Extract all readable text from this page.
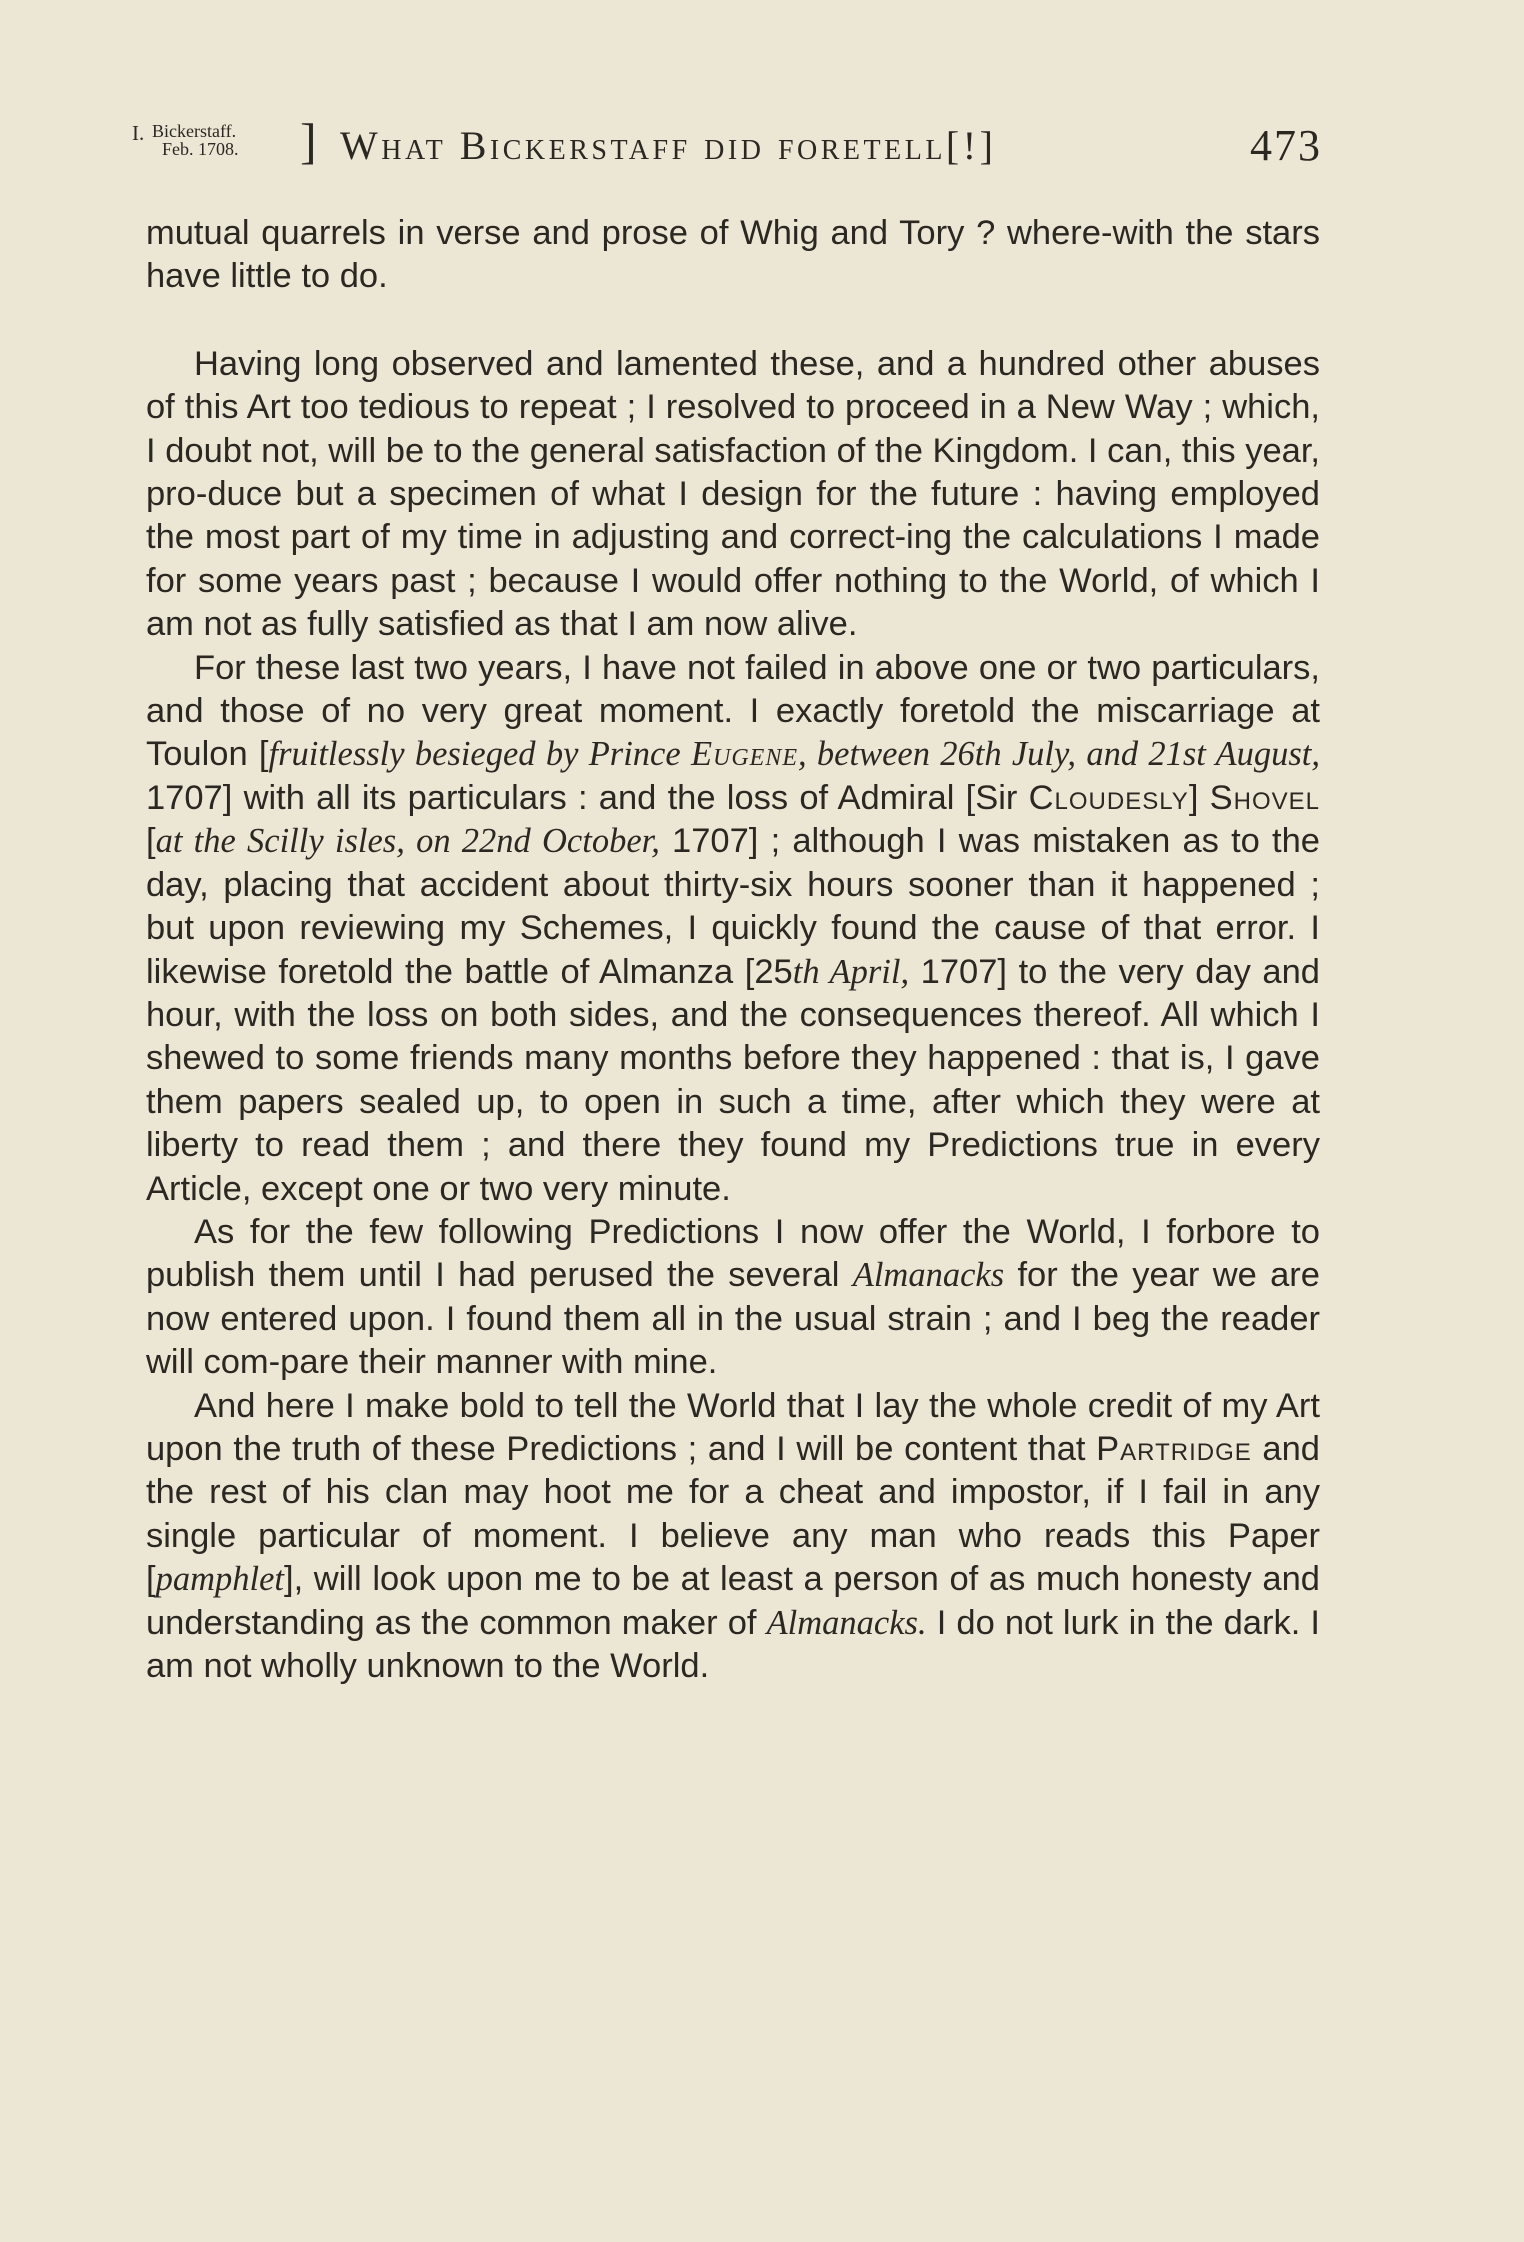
I. Bickerstaff.
Feb. 1708. ] What Bickerstaff did foretell[!]	473

mutual quarrels in verse and prose of Whig and Tory ? where-with the stars have little to do.

Having long observed and lamented these, and a hundred other abuses of this Art too tedious to repeat ; I resolved to proceed in a New Way ; which, I doubt not, will be to the general satisfaction of the Kingdom. I can, this year, pro-duce but a specimen of what I design for the future : having employed the most part of my time in adjusting and correct-ing the calculations I made for some years past ; because I would offer nothing to the World, of which I am not as fully satisfied as that I am now alive.

For these last two years, I have not failed in above one or two particulars, and those of no very great moment. I exactly foretold the miscarriage at Toulon [fruitlessly besieged by Prince Eugene, between 26th July, and 21st August, 1707] with all its particulars : and the loss of Admiral [Sir Cloudesly] Shovel [at the Scilly isles, on 22nd October, 1707] ; although I was mistaken as to the day, placing that accident about thirty-six hours sooner than it happened ; but upon reviewing my Schemes, I quickly found the cause of that error. I likewise foretold the battle of Almanza [25th April, 1707] to the very day and hour, with the loss on both sides, and the consequences thereof. All which I shewed to some friends many months before they happened : that is, I gave them papers sealed up, to open in such a time, after which they were at liberty to read them ; and there they found my Predictions true in every Article, except one or two very minute.

As for the few following Predictions I now offer the World, I forbore to publish them until I had perused the several Almanacks for the year we are now entered upon. I found them all in the usual strain ; and I beg the reader will com-pare their manner with mine.

And here I make bold to tell the World that I lay the whole credit of my Art upon the truth of these Predictions ; and I will be content that Partridge and the rest of his clan may hoot me for a cheat and impostor, if I fail in any single particular of moment. I believe any man who reads this Paper [pamphlet], will look upon me to be at least a person of as much honesty and understanding as the common maker of Almanacks. I do not lurk in the dark. I am not wholly unknown to the World.
